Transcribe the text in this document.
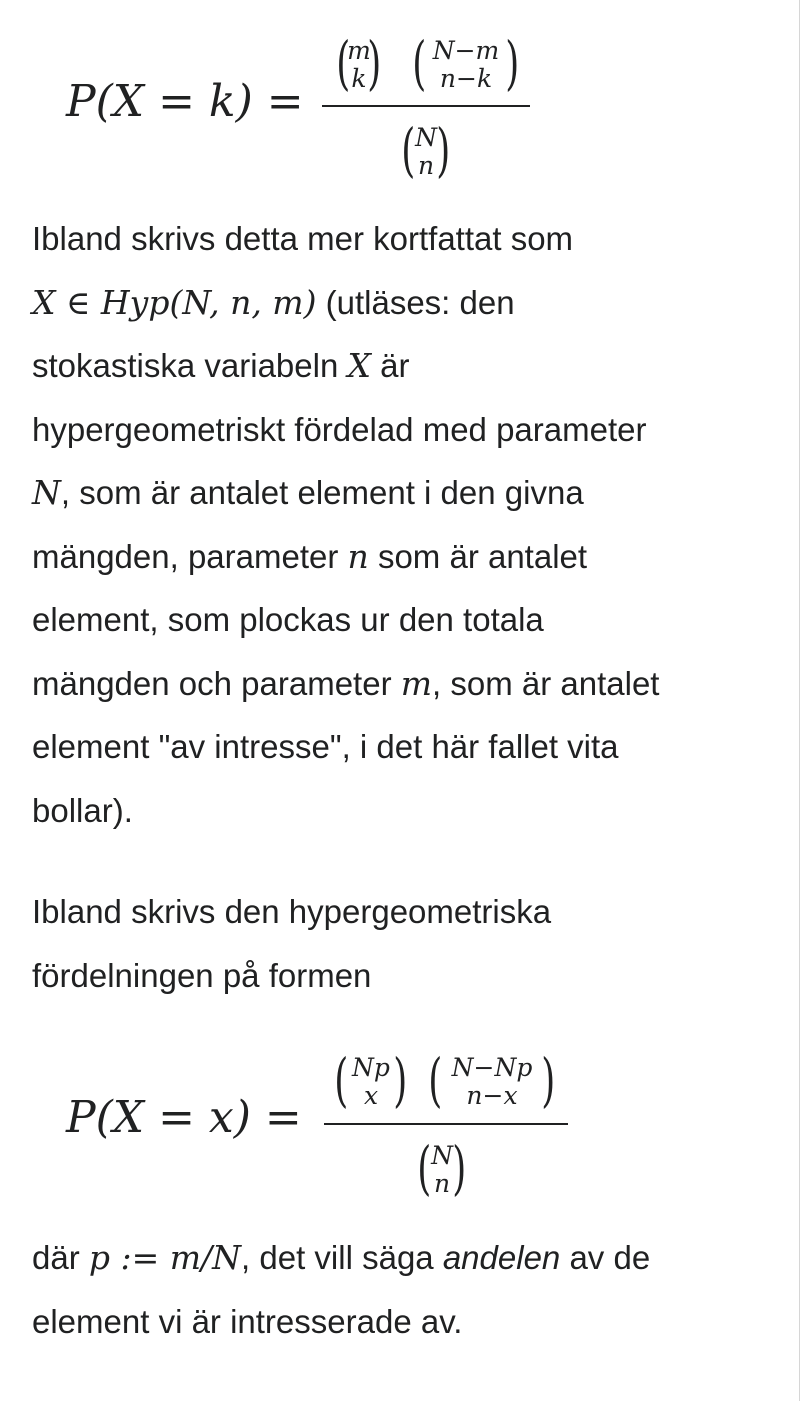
P(X = k) =
(
m
k ) ( N−m
n−k )
( N
n )

Ibland skrivs detta mer kortfattat som
X ∈ Hyp(N, n, m) (utläses: den
stokastiska variabeln X är
hypergeometriskt fördelad med parameter
N, som är antalet element i den givna
mängden, parameter n som är antalet
element, som plockas ur den totala
mängden och parameter m, som är antalet
element "av intresse", i det här fallet vita
bollar).

Ibland skrivs den hypergeometriska
fördelningen på formen

P(X = x) =
( Np
x ) ( N−Np
n−x )
( N
n )

där p := m/N, det vill säga andelen av de
element vi är intresserade av.
